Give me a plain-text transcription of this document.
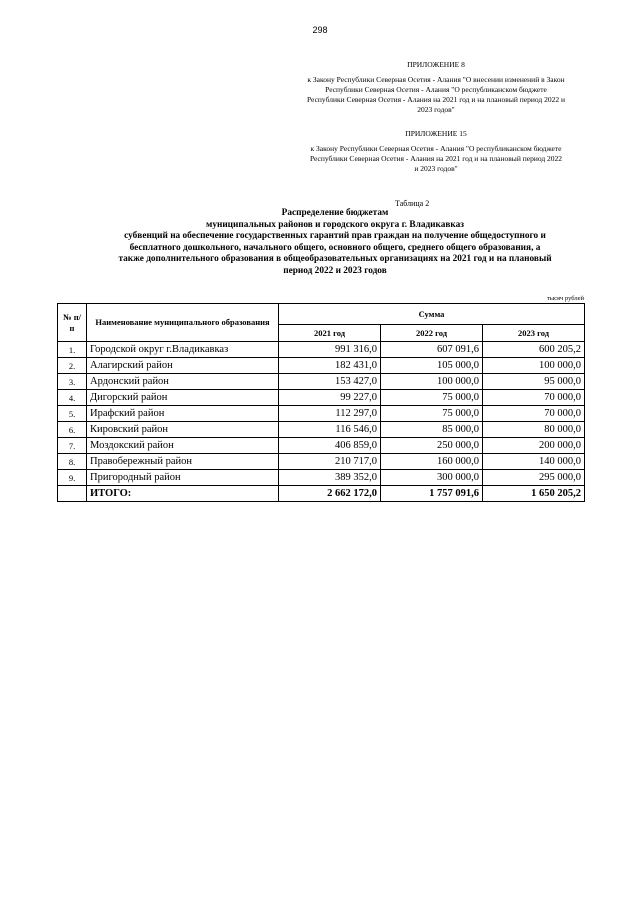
298
ПРИЛОЖЕНИЕ 8
к Закону Республики Северная Осетия - Алания "О внесении изменений в Закон
Республики Северная Осетия - Алания "О республиканском бюджете
Республики Северная Осетия - Алания на 2021 год и на плановый период 2022 и
2023 годов"
ПРИЛОЖЕНИЕ 15
к Закону Республики Северная Осетия - Алания "О республиканском бюджете
Республики Северная Осетия - Алания на 2021 год и на плановый период 2022
и 2023 годов"
Таблица 2
Распределение бюджетам
муниципальных районов и городского округа г. Владикавказ
субвенций на обеспечение государственных гарантий прав граждан на получение общедоступного и
бесплатного дошкольного, начального общего, основного общего, среднего общего образования, а
также дополнительного образования в общеобразовательных организациях на 2021 год и на плановый
период 2022 и 2023 годов
тысяч рублей
№ п/п	Наименование муниципального образования	Сумма		
		2021 год	2022 год	2023 год
1.	Городской округ г.Владикавказ	991 316,0	607 091,6	600 205,2
2.	Алагирский район	182 431,0	105 000,0	100 000,0
3.	Ардонский район	153 427,0	100 000,0	95 000,0
4.	Дигорский район	99 227,0	75 000,0	70 000,0
5.	Ирафский район	112 297,0	75 000,0	70 000,0
6.	Кировский район	116 546,0	85 000,0	80 000,0
7.	Моздокский район	406 859,0	250 000,0	200 000,0
8.	Правобережный район	210 717,0	160 000,0	140 000,0
9.	Пригородный район	389 352,0	300 000,0	295 000,0
	ИТОГО:	2 662 172,0	1 757 091,6	1 650 205,2
